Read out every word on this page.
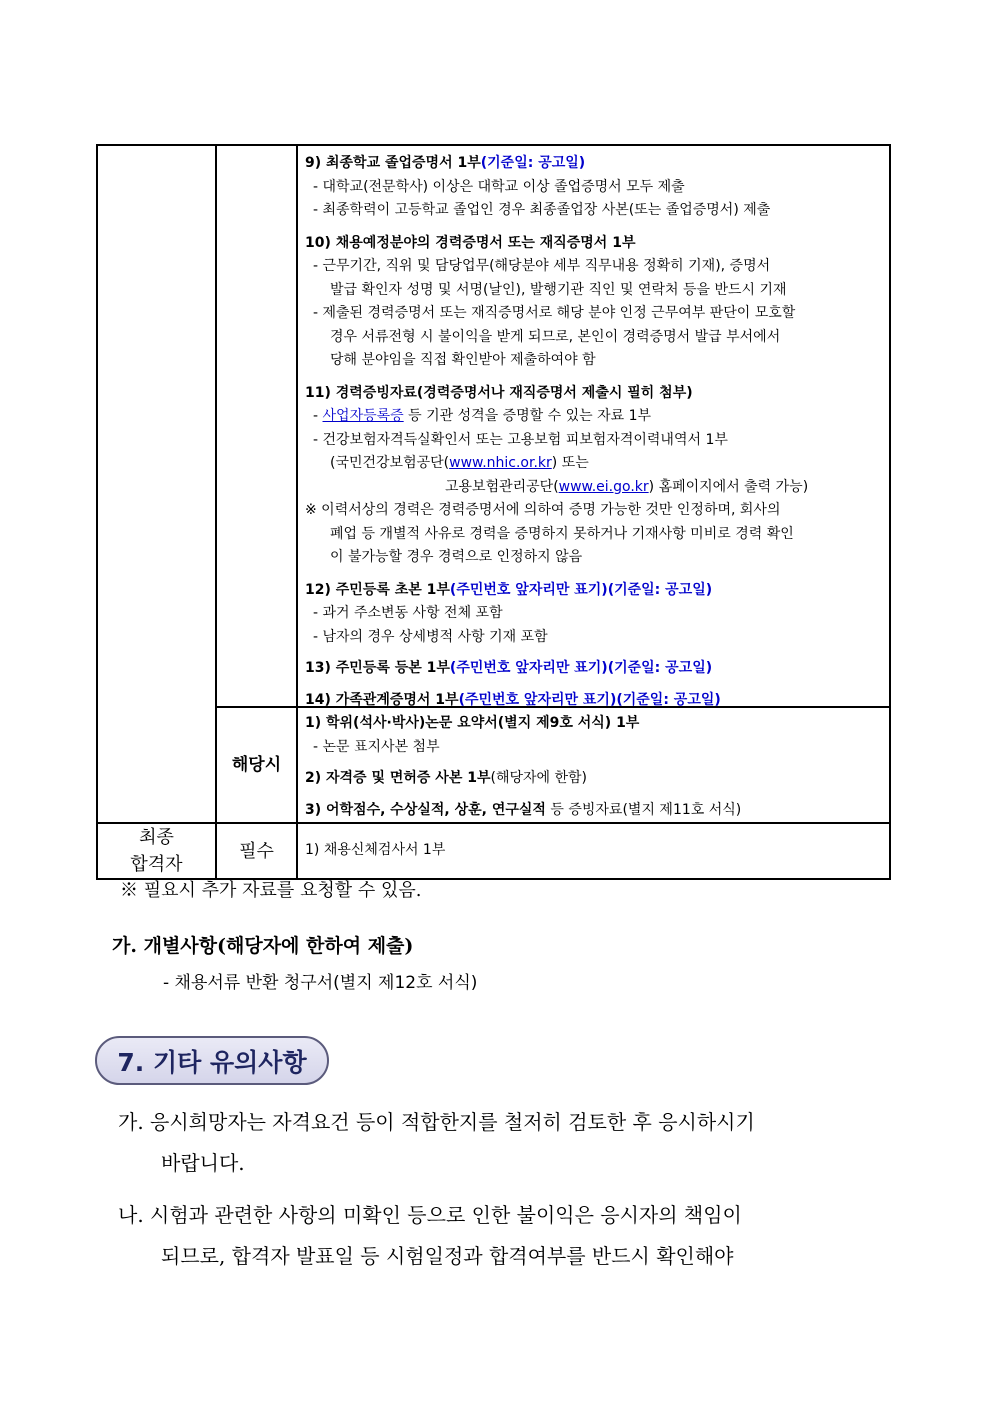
9) 최종학교 졸업증명서 1부(기준일: 공고일)
- 대학교(전문학사) 이상은 대학교 이상 졸업증명서 모두 제출
- 최종학력이 고등학교 졸업인 경우 최종졸업장 사본(또는 졸업증명서) 제출
10) 채용예정분야의 경력증명서 또는 재직증명서 1부
- 근무기간, 직위 및 담당업무(해당분야 세부 직무내용 정확히 기재), 증명서
발급 확인자 성명 및 서명(날인), 발행기관 직인 및 연락처 등을 반드시 기재
- 제출된 경력증명서 또는 재직증명서로 해당 분야 인정 근무여부 판단이 모호할
경우 서류전형 시 불이익을 받게 되므로, 본인이 경력증명서 발급 부서에서
당해 분야임을 직접 확인받아 제출하여야 함
11) 경력증빙자료(경력증명서나 재직증명서 제출시 필히 첨부)
- 사업자등록증 등 기관 성격을 증명할 수 있는 자료 1부
- 건강보험자격득실확인서 또는 고용보험 피보험자격이력내역서 1부
(국민건강보험공단(www.nhic.or.kr) 또는
고용보험관리공단(www.ei.go.kr) 홈페이지에서 출력 가능)
※ 이력서상의 경력은 경력증명서에 의하여 증명 가능한 것만 인정하며, 회사의
폐업 등 개별적 사유로 경력을 증명하지 못하거나 기재사항 미비로 경력 확인
이 불가능할 경우 경력으로 인정하지 않음
12) 주민등록 초본 1부(주민번호 앞자리만 표기)(기준일: 공고일)
- 과거 주소변동 사항 전체 포함
- 남자의 경우 상세병적 사항 기재 포함
13) 주민등록 등본 1부(주민번호 앞자리만 표기)(기준일: 공고일)
14) 가족관계증명서 1부(주민번호 앞자리만 표기)(기준일: 공고일)
해당시
1) 학위(석사·박사)논문 요약서(별지 제9호 서식) 1부
- 논문 표지사본 첨부
2) 자격증 및 면허증 사본 1부(해당자에 한함)
3) 어학점수, 수상실적, 상훈, 연구실적 등 증빙자료(별지 제11호 서식)
최종
합격자
필수	1) 채용신체검사서 1부
※ 필요시 추가 자료를 요청할 수 있음.
가. 개별사항(해당자에 한하여 제출)
- 채용서류 반환 청구서(별지 제12호 서식)
7. 기타 유의사항
가. 응시희망자는 자격요건 등이 적합한지를 철저히 검토한 후 응시하시기
바랍니다.
나. 시험과 관련한 사항의 미확인 등으로 인한 불이익은 응시자의 책임이
되므로, 합격자 발표일 등 시험일정과 합격여부를 반드시 확인해야
